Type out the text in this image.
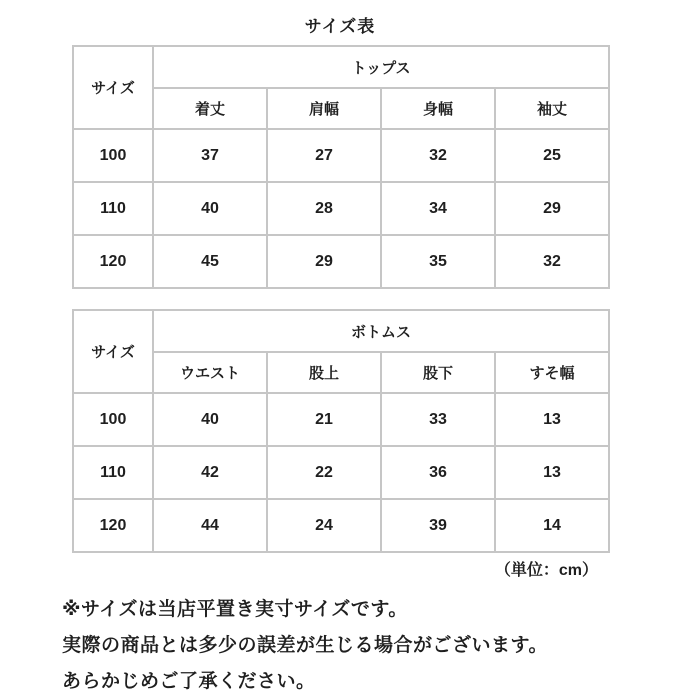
サイズ表
サイズ	トップス			
	着丈	肩幅	身幅	袖丈
100	37	27	32	25
110	40	28	34	29
120	45	29	35	32
サイズ	ボトムス			
	ウエスト	股上	股下	すそ幅
100	40	21	33	13
110	42	22	36	13
120	44	24	39	14
（単位：cm）
※サイズは当店平置き実寸サイズです。
実際の商品とは多少の誤差が生じる場合がございます。
あらかじめご了承ください。
